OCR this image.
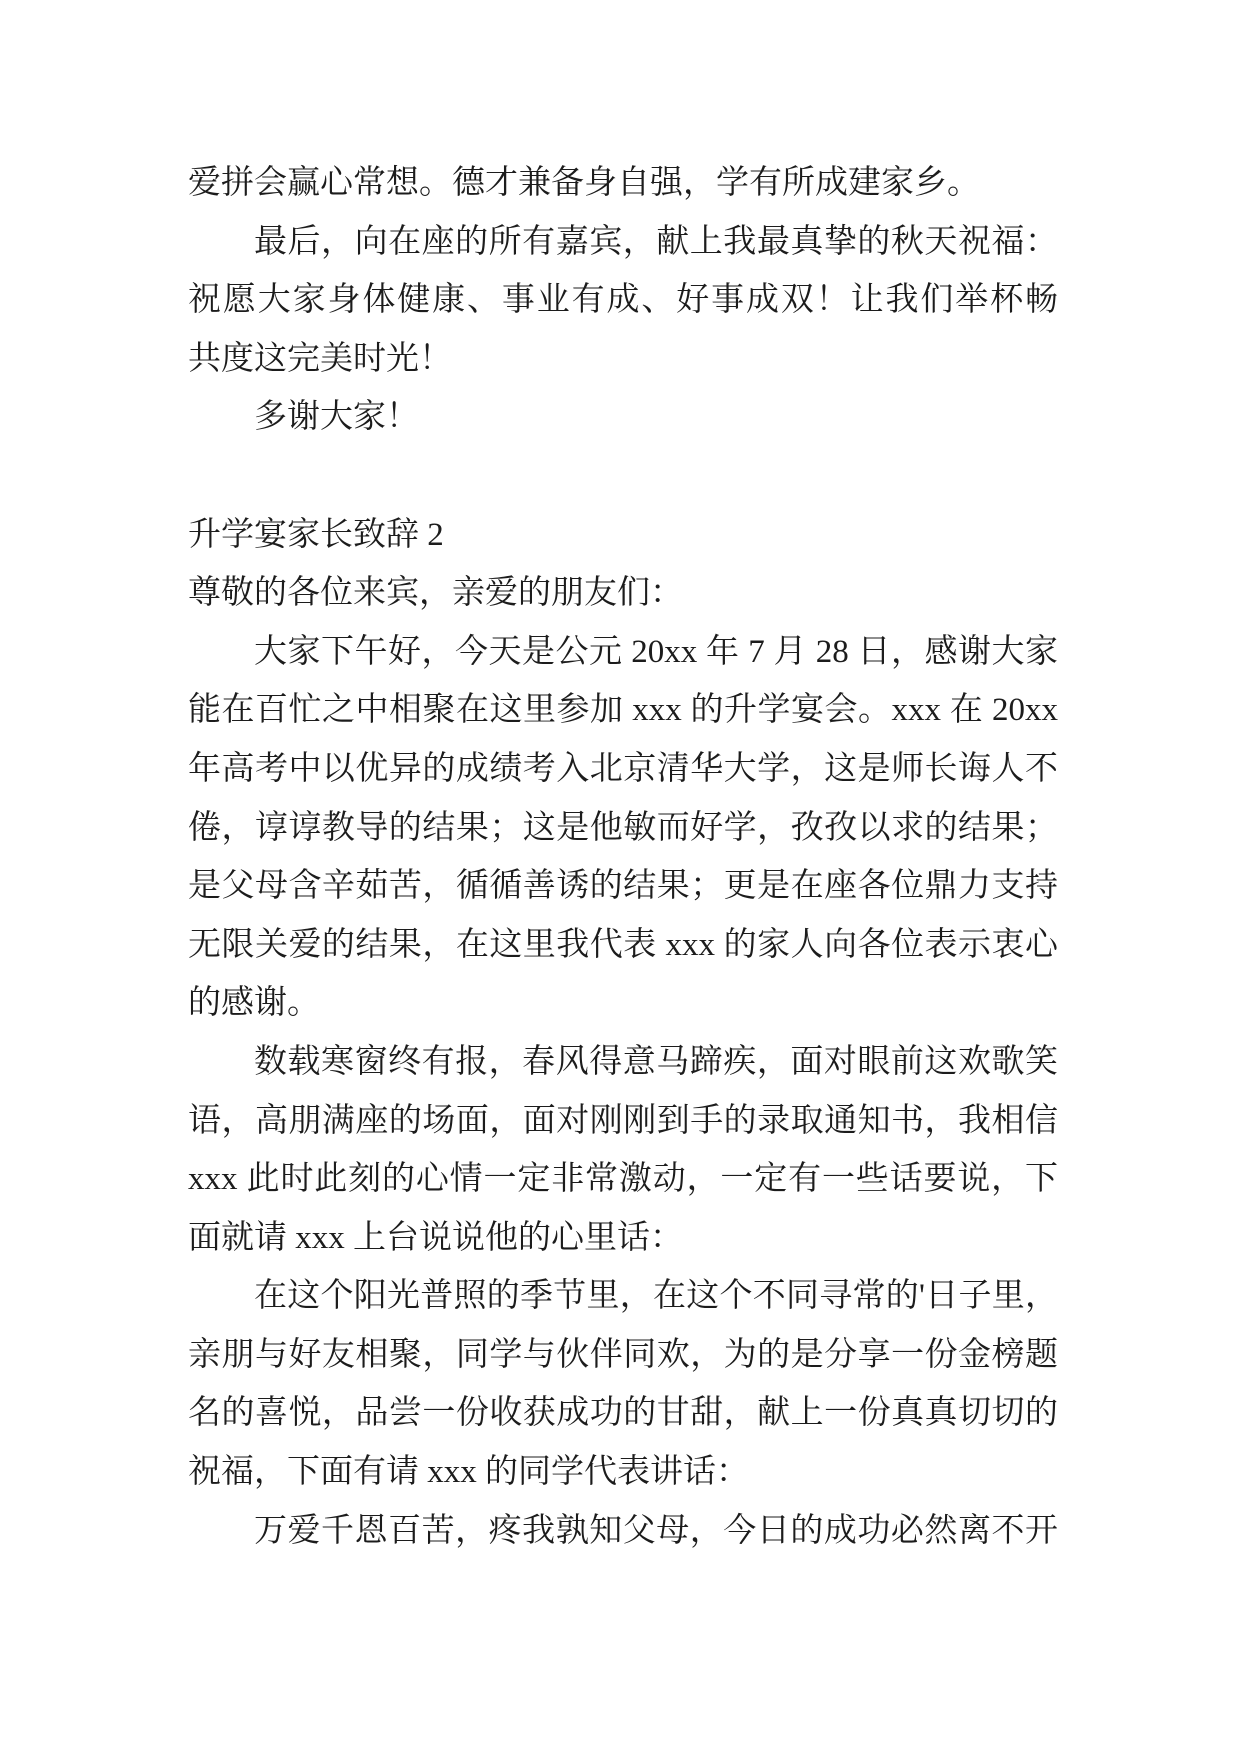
爱拼会赢心常想。德才兼备身自强，学有所成建家乡。
最后，向在座的所有嘉宾，献上我最真挚的秋天祝福：
祝愿大家身体健康、事业有成、好事成双！让我们举杯畅
共度这完美时光！
多谢大家！
升学宴家长致辞 2
尊敬的各位来宾，亲爱的朋友们：
大家下午好，今天是公元 20xx 年 7 月 28 日，感谢大家
能在百忙之中相聚在这里参加 xxx 的升学宴会。xxx 在 20xx
年高考中以优异的成绩考入北京清华大学，这是师长诲人不
倦，谆谆教导的结果；这是他敏而好学，孜孜以求的结果；
是父母含辛茹苦，循循善诱的结果；更是在座各位鼎力支持
无限关爱的结果，在这里我代表 xxx 的家人向各位表示衷心
的感谢。
数载寒窗终有报，春风得意马蹄疾，面对眼前这欢歌笑
语，高朋满座的场面，面对刚刚到手的录取通知书，我相信
xxx 此时此刻的心情一定非常激动，一定有一些话要说，下
面就请 xxx 上台说说他的心里话：
在这个阳光普照的季节里，在这个不同寻常的'日子里，
亲朋与好友相聚，同学与伙伴同欢，为的是分享一份金榜题
名的喜悦，品尝一份收获成功的甘甜，献上一份真真切切的
祝福，下面有请 xxx 的同学代表讲话：
万爱千恩百苦，疼我孰知父母，今日的成功必然离不开
